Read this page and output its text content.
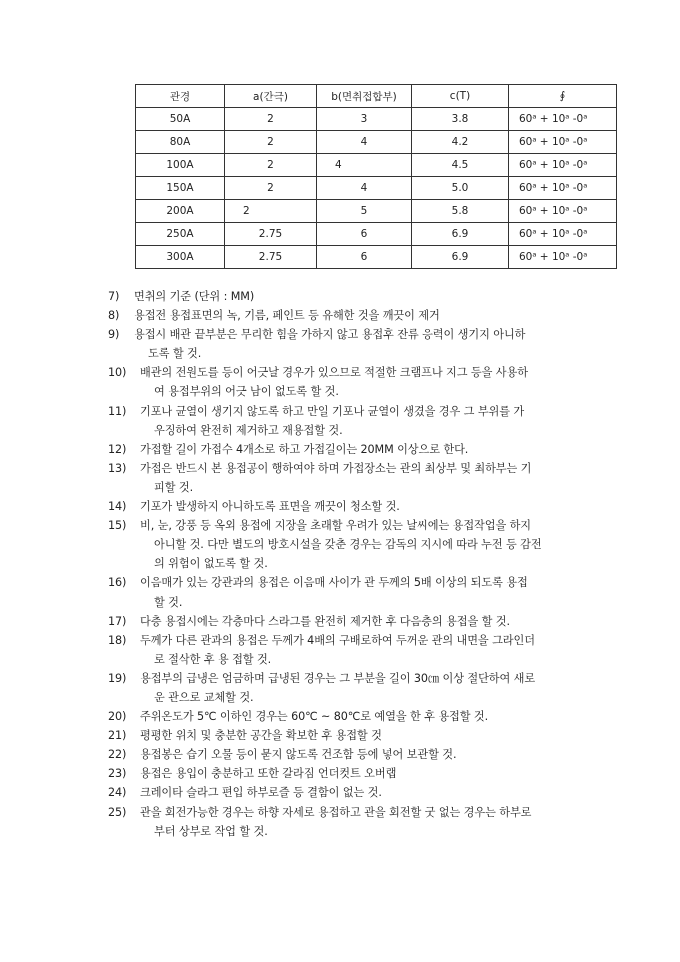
관경	a(간극)	b(면취접합부)	c(T)	∮
50A	2	3	3.8	60ᵃ + 10ᵃ -0ᵃ
80A	2	4	4.2	60ᵃ + 10ᵃ -0ᵃ
100A	2	4	4.5	60ᵃ + 10ᵃ -0ᵃ
150A	2	4	5.0	60ᵃ + 10ᵃ -0ᵃ
200A	2	5	5.8	60ᵃ + 10ᵃ -0ᵃ
250A	2.75	6	6.9	60ᵃ + 10ᵃ -0ᵃ
300A	2.75	6	6.9	60ᵃ + 10ᵃ -0ᵃ
7)	면취의 기준 (단위 : MM)
8)	용접전 용접표면의 녹, 기름, 페인트 등 유해한 것을 깨끗이 제거
9)	용접시 배관 끝부분은 무리한 힘을 가하지 않고 용접후 잔류 응력이 생기지 아니하
도록 할 것.
10)	배관의 전원도를 등이 어긋날 경우가 있으므로 적절한 크램프나 지그 등을 사용하
여 용접부위의 어긋 남이 없도록 할 것.
11)	기포나 균열이 생기지 않도록 하고 만일 기포나 균열이 생겼을 경우 그 부위를 가
우징하여 완전히 제거하고 재용접할 것.
12)	가접할 길이 가접수 4개소로 하고 가접길이는 20MM 이상으로 한다.
13)	가접은 반드시 본 용접공이 행하여야 하며 가접장소는 관의 최상부 및 최하부는 기
피할 것.
14)	기포가 발생하지 아니하도록 표면을 깨끗이 청소할 것.
15)	비, 눈, 강풍 등 옥외 용접에 지장을 초래할 우려가 있는 날씨에는 용접작업을 하지
아니할 것. 다만 별도의 방호시설을 갖춘 경우는 감독의 지시에 따라 누전 등 감전
의 위험이 없도록 할 것.
16)	이음매가 있는 강관과의 용접은 이음매 사이가 관 두께의 5배 이상의 되도록 용접
할 것.
17)	다층 용접시에는 각층마다 스라그를 완전히 제거한 후 다음층의 용접을 할 것.
18)	두께가 다른 관과의 용접은 두께가 4배의 구배로하여 두꺼운 관의 내면을 그라인더
로 절삭한 후 용 접할 것.
19)	용접부의 급냉은 엄금하며 급냉된 경우는 그 부분을 길이 30㎝ 이상 절단하여 새로
운 관으로 교체할 것.
20)	주위온도가 5℃ 이하인 경우는 60℃ ~ 80℃로 예열을 한 후 용접할 것.
21)	평평한 위치 및 충분한 공간을 확보한 후 용접할 것
22)	용접봉은 습기 오물 등이 묻지 않도록 건조함 등에 넣어 보관할 것.
23)	용접은 용입이 충분하고 또한 갈라짐 언더컷트 오버랩
24)	크레이타 슬라그 편입 하부로즐 등 결함이 없는 것.
25)	관을 회전가능한 경우는 하향 자세로 용접하고 관을 회전할 굿 없는 경우는 하부로
부터 상부로 작업 할 것.
